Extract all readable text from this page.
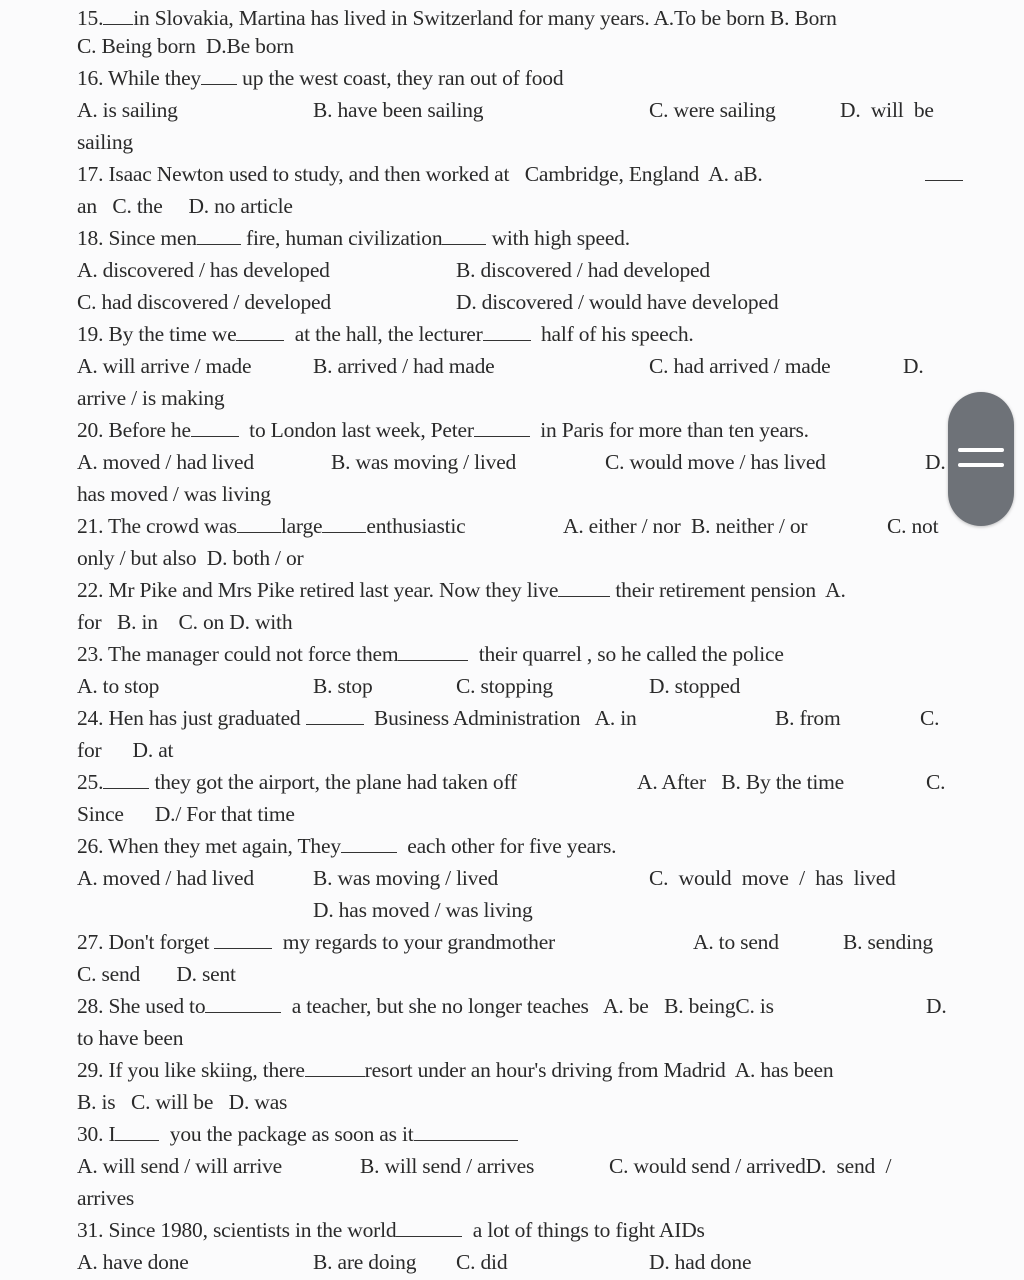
15. in Slovakia, Martina has lived in Switzerland for many years. A.To be born B. Born
C. Being born  D.Be born
16. While they up the west coast, they ran out of food
A. is sailing	B. have been sailing	C. were sailing	D.  will  be
sailing
17. Isaac Newton used to study, and then worked at   Cambridge, England  A. aB.
an   C. the     D. no article
18. Since men fire, human civilization with high speed.
A. discovered / has developed	B. discovered / had developed
C. had discovered / developed	D. discovered / would have developed
19. By the time we  at the hall, the lecturer  half of his speech.
A. will arrive / made	B. arrived / had made	C. had arrived / made	D.
arrive / is making
20. Before he  to London last week, Peter	in Paris for more than ten years.
A. moved / had lived	B. was moving / lived	C. would move / has lived	D.
has moved / was living
21. The crowd was large enthusiastic	A. either / nor  B. neither / or	C. not
only / but also  D. both / or
22. Mr Pike and Mrs Pike retired last year. Now they live their retirement pension  A.
for   B. in    C. on D. with
23. The manager could not force them	their quarrel , so he called the police
A. to stop	B. stop	C. stopping	D. stopped
24. Hen has just graduated	Business Administration   A. in	B. from	C.
for      D. at
25. they got the airport, the plane had taken off	A. After   B. By the time	C.
Since      D./ For that time
26. When they met again, They	each other for five years.
A. moved / had lived	B. was moving / lived	C.  would  move  /  has  lived
D. has moved / was living
27. Don't forget	my regards to your grandmother	A. to send	B. sending
C. send       D. sent
28. She used to	a teacher, but she no longer teaches   A. be   B. beingC. is	D.
to have been
29. If you like skiing, there	resort under an hour's driving from Madrid  A. has been
B. is   C. will be   D. was
30. I  you the package as soon as it
A. will send / will arrive	B. will send / arrives	C. would send / arrivedD.  send  /
arrives
31. Since 1980, scientists in the world	a lot of things to fight AIDs
A. have done	B. are doing C. did	D. had done
